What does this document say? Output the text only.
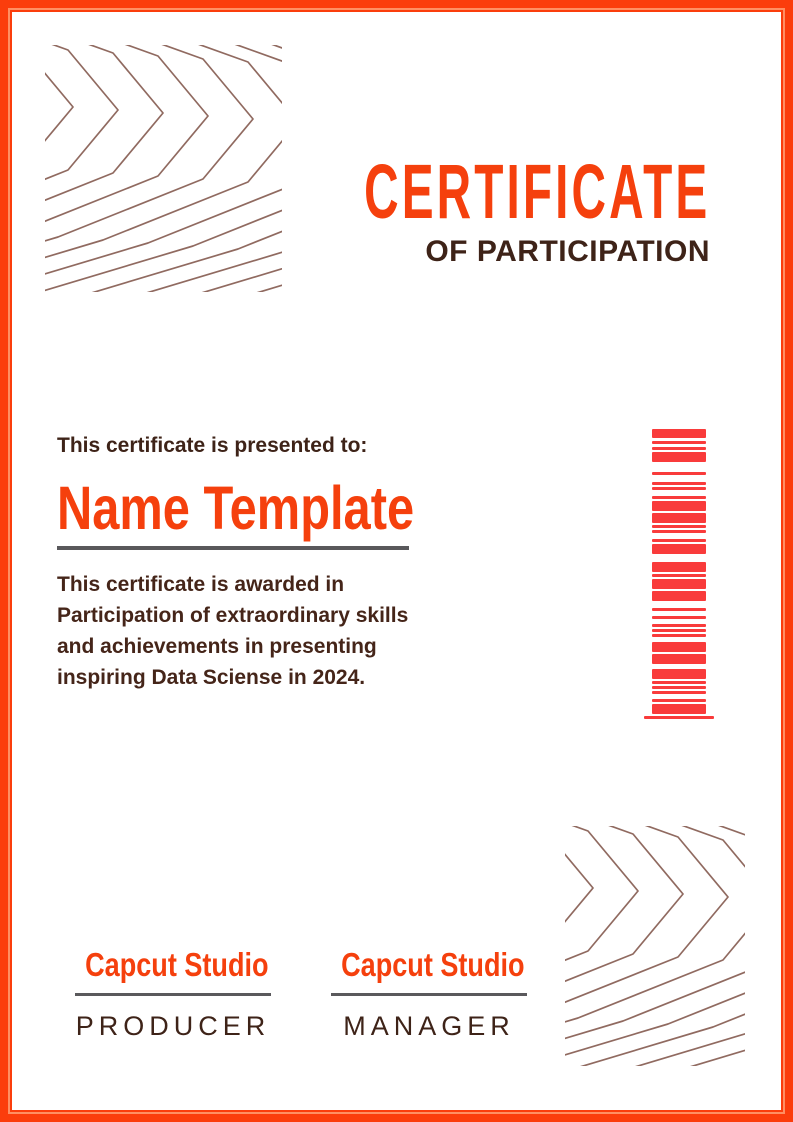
CERTIFICATE
OF PARTICIPATION
This certificate is presented to:
Name Template
This certificate is awarded in
Participation of extraordinary skills
and achievements in presenting
inspiring Data Sciense in 2024.
Capcut Studio
PRODUCER
Capcut Studio
MANAGER
